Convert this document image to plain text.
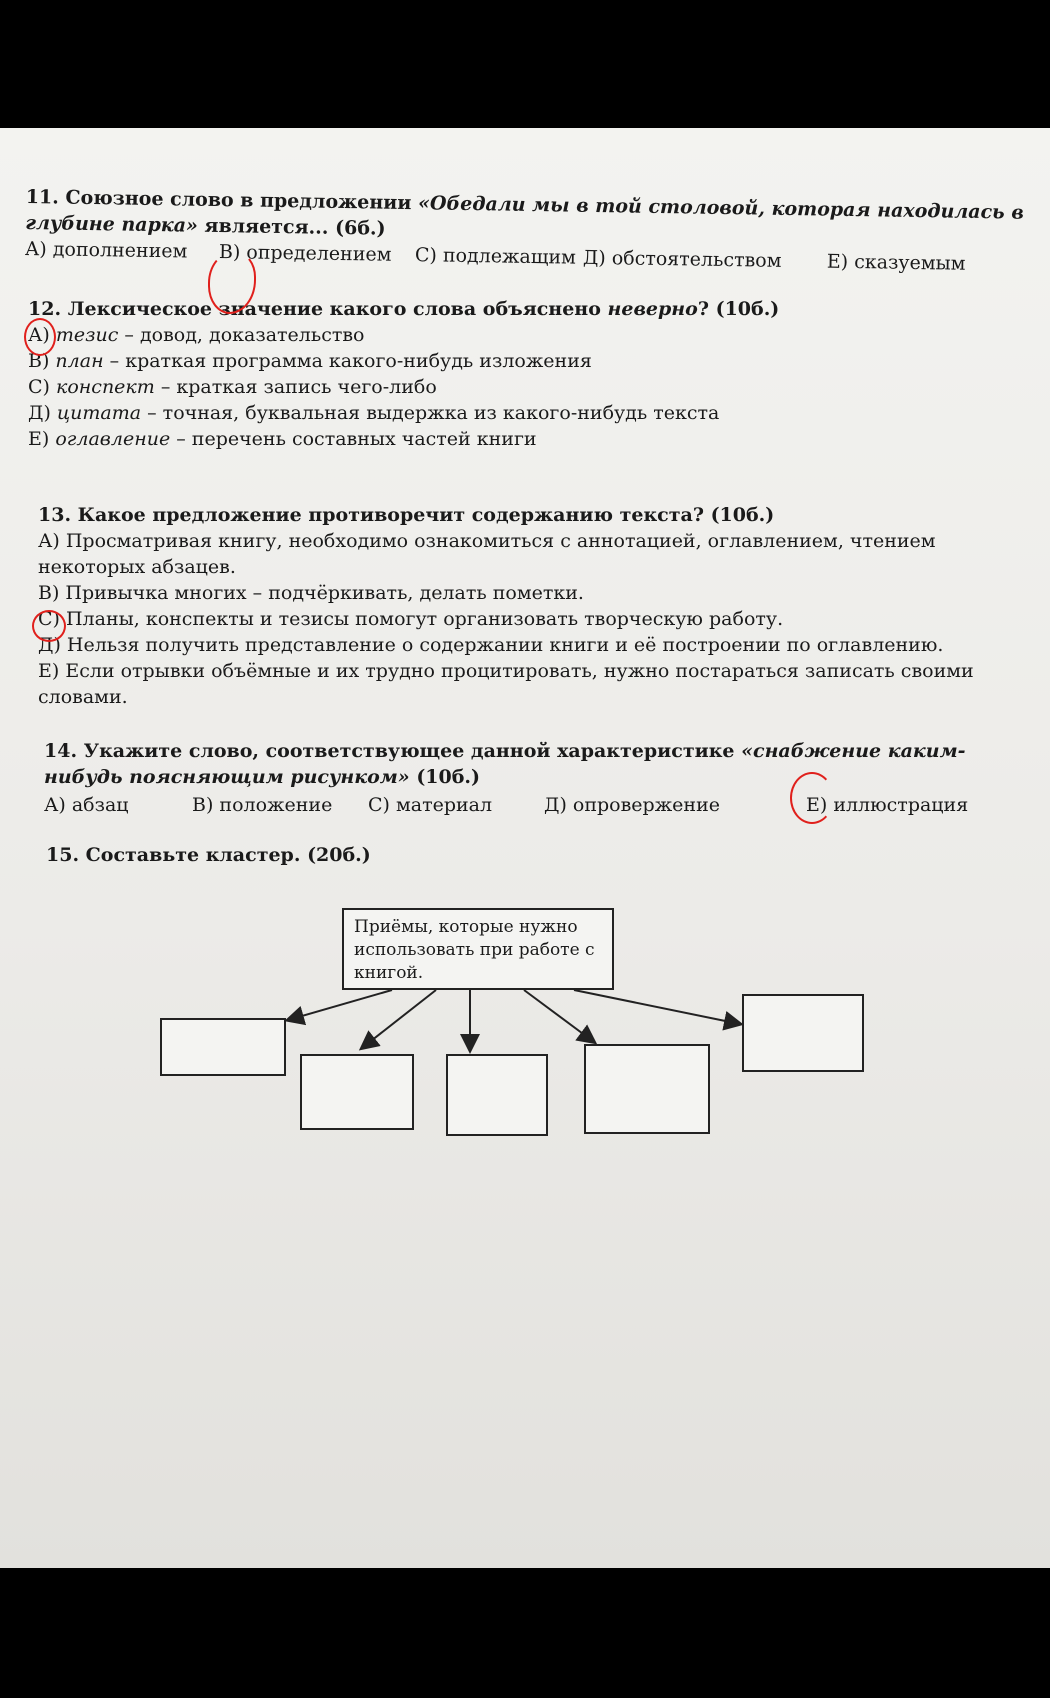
11. Союзное слово в предложении «Обедали мы в той столовой, которая находилась в глубине парка» является... (6б.)
А) дополнением	В) определением	С) подлежащим Д) обстоятельством	Е) сказуемым
12. Лексическое значение какого слова объяснено неверно? (10б.)
А) тезис – довод, доказательство
В) план – краткая программа какого-нибудь изложения
С) конспект – краткая запись чего-либо
Д) цитата – точная, буквальная выдержка из какого-нибудь текста
Е) оглавление – перечень составных частей книги
13. Какое предложение противоречит содержанию текста? (10б.)
А) Просматривая книгу, необходимо ознакомиться с аннотацией, оглавлением, чтением некоторых абзацев.
В) Привычка многих – подчёркивать, делать пометки.
С) Планы, конспекты и тезисы помогут организовать творческую работу.
Д) Нельзя получить представление о содержании книги и её построении по оглавлению.
Е) Если отрывки объёмные и их трудно процитировать, нужно постараться записать своими словами.
14. Укажите слово, соответствующее данной характеристике «снабжение каким-нибудь поясняющим рисунком» (10б.)
А) абзац	В) положение	С) материал	Д) опровержение	Е) иллюстрация
15. Составьте кластер. (20б.)
Приёмы, которые нужно использовать при работе с книгой.
